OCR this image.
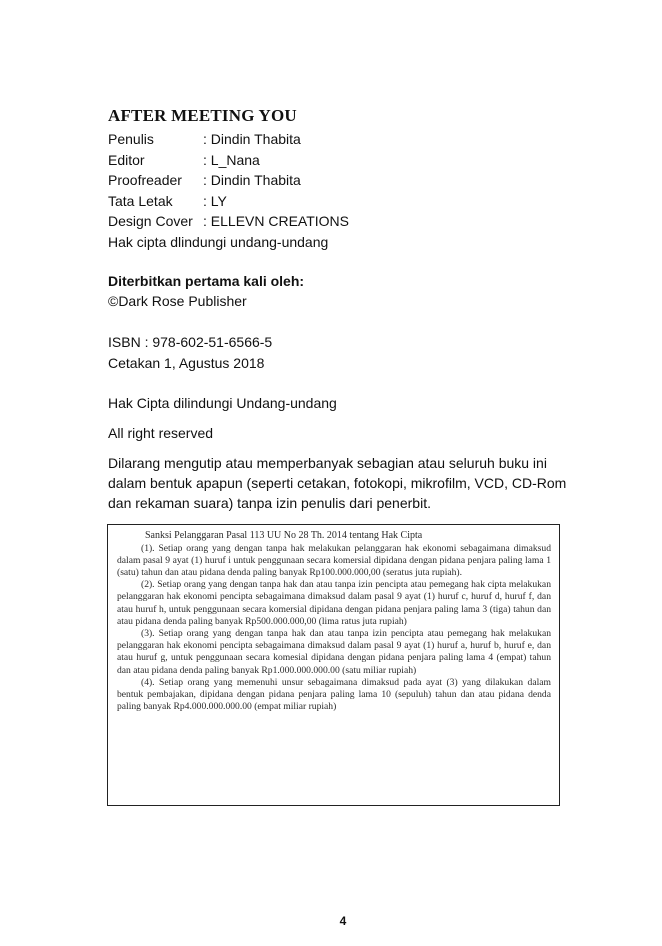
AFTER MEETING YOU
Penulis	: Dindin Thabita
Editor	: L_Nana
Proofreader	: Dindin Thabita
Tata Letak	: LY
Design Cover : ELLEVN CREATIONS
Hak cipta dlindungi undang-undang
Diterbitkan pertama kali oleh:
©Dark Rose Publisher
ISBN : 978-602-51-6566-5
Cetakan 1, Agustus 2018
Hak Cipta dilindungi Undang-undang
All right reserved
Dilarang mengutip atau memperbanyak sebagian atau seluruh buku ini dalam bentuk apapun (seperti cetakan, fotokopi, mikrofilm, VCD, CD-Rom dan rekaman suara) tanpa izin penulis dari penerbit.

Sanksi Pelanggaran Pasal 113 UU No 28 Th. 2014 tentang Hak Cipta

(1). Setiap orang yang dengan tanpa hak melakukan pelanggaran hak ekonomi sebagaimana dimaksud dalam pasal 9 ayat (1) huruf i untuk penggunaan secara komersial dipidana dengan pidana penjara paling lama 1 (satu) tahun dan atau pidana denda paling banyak Rp100.000.000,00 (seratus juta rupiah).

(2). Setiap orang yang dengan tanpa hak dan atau tanpa izin pencipta atau pemegang hak cipta melakukan pelanggaran hak ekonomi pencipta sebagaimana dimaksud dalam pasal 9 ayat (1) huruf c, huruf d, huruf f, dan atau huruf h, untuk penggunaan secara komersial dipidana dengan pidana penjara paling lama 3 (tiga) tahun dan atau pidana denda paling banyak Rp500.000.000,00 (lima ratus juta rupiah)

(3). Setiap orang yang dengan tanpa hak dan atau tanpa izin pencipta atau pemegang hak melakukan pelanggaran hak ekonomi pencipta sebagaimana dimaksud dalam pasal 9 ayat (1) huruf a, huruf b, huruf e, dan atau huruf g, untuk penggunaan secara komesial dipidana dengan pidana penjara paling lama 4 (empat) tahun dan atau pidana denda paling banyak Rp1.000.000.000.00 (satu miliar rupiah)

(4). Setiap orang yang memenuhi unsur sebagaimana dimaksud pada ayat (3) yang dilakukan dalam bentuk pembajakan, dipidana dengan pidana penjara paling lama 10 (sepuluh) tahun dan atau pidana denda paling banyak Rp4.000.000.000.00 (empat miliar rupiah)

4
